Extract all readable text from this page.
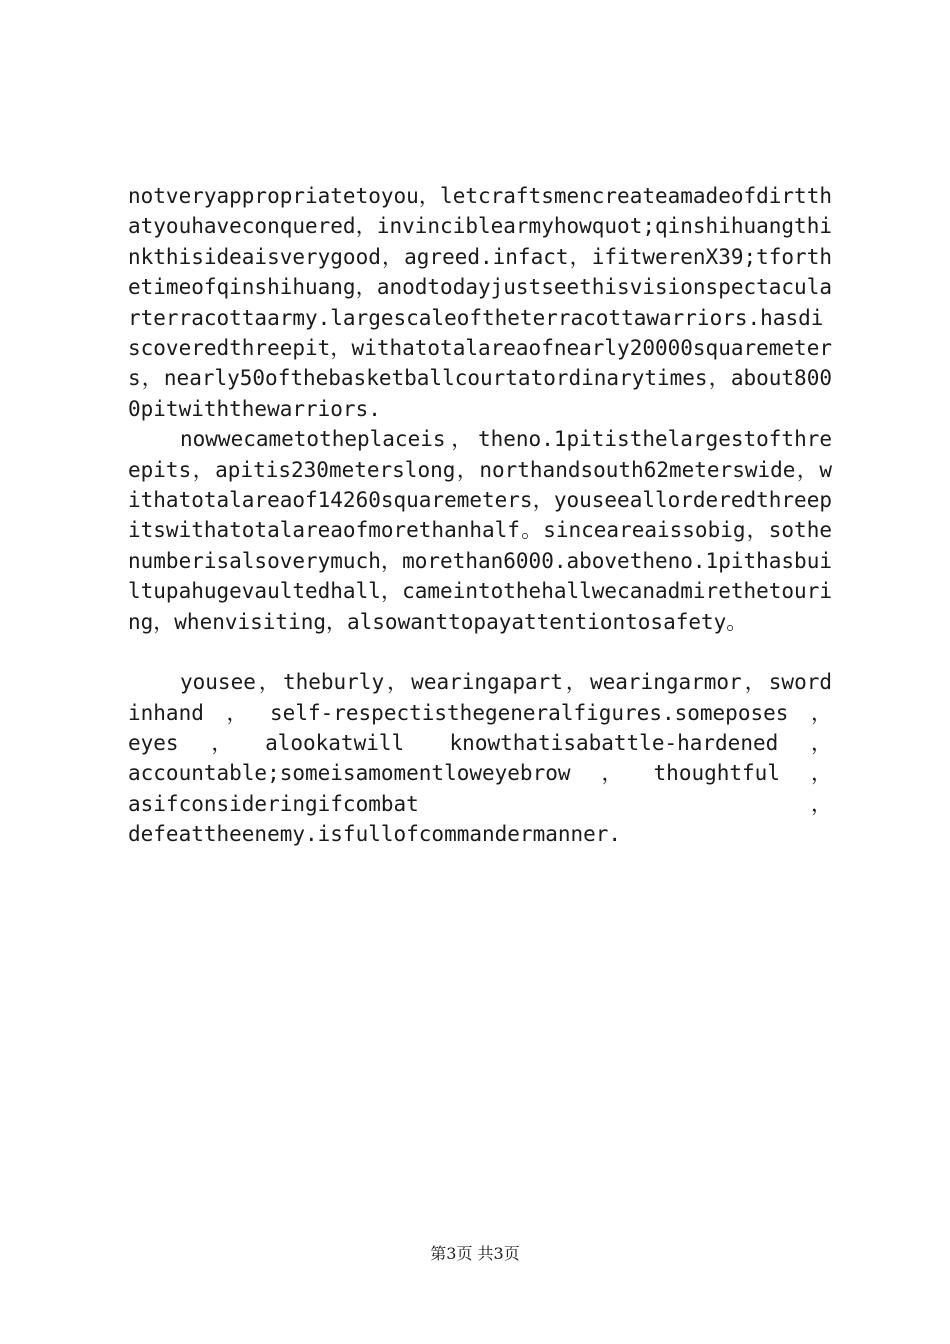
notveryappropriatetoyou，letcraftsmencreateamadeofdirtthatyouhaveconquered，invinciblearmyhowquot;qinshihuangthinkthisideaisverygood，agreed.infact，ifitwerenX39;tforthetimeofqinshihuang，anodtodayjustseethisvisionspectacularterracottaarmy.largescaleoftheterracottawarriors.hasdiscoveredthreepit，withatotalareaofnearly20000squaremeters，nearly50ofthebasketballcourtatordinarytimes，about8000pitwiththewarriors.

nowwecametotheplaceis，theno.1pitisthelargestofthreepits，apitis230meterslong，northandsouth62meterswide，withatotalareaof14260squaremeters，youseeallorderedthreepitswithatotalareaofmorethanhalf。sinceareaissobig，sothenumberisalsoverymuch，morethan6000.abovetheno.1pithasbuiltupahugevaultedhall，cameintothehallwecanadmirethetouring，whenvisiting，alsowanttopayattentiontosafety。

yousee，theburly，wearingapart，wearingarmor，sword inhand，self-respectisthegeneralfigures.someposes，eyes，alookatwill knowthatisabattle-hardened，accountable;someisamomentloweyebrow，thoughtful，asifconsideringifcombat，defeattheenemy.isfullofcommandermanner.

第3页 共3页
